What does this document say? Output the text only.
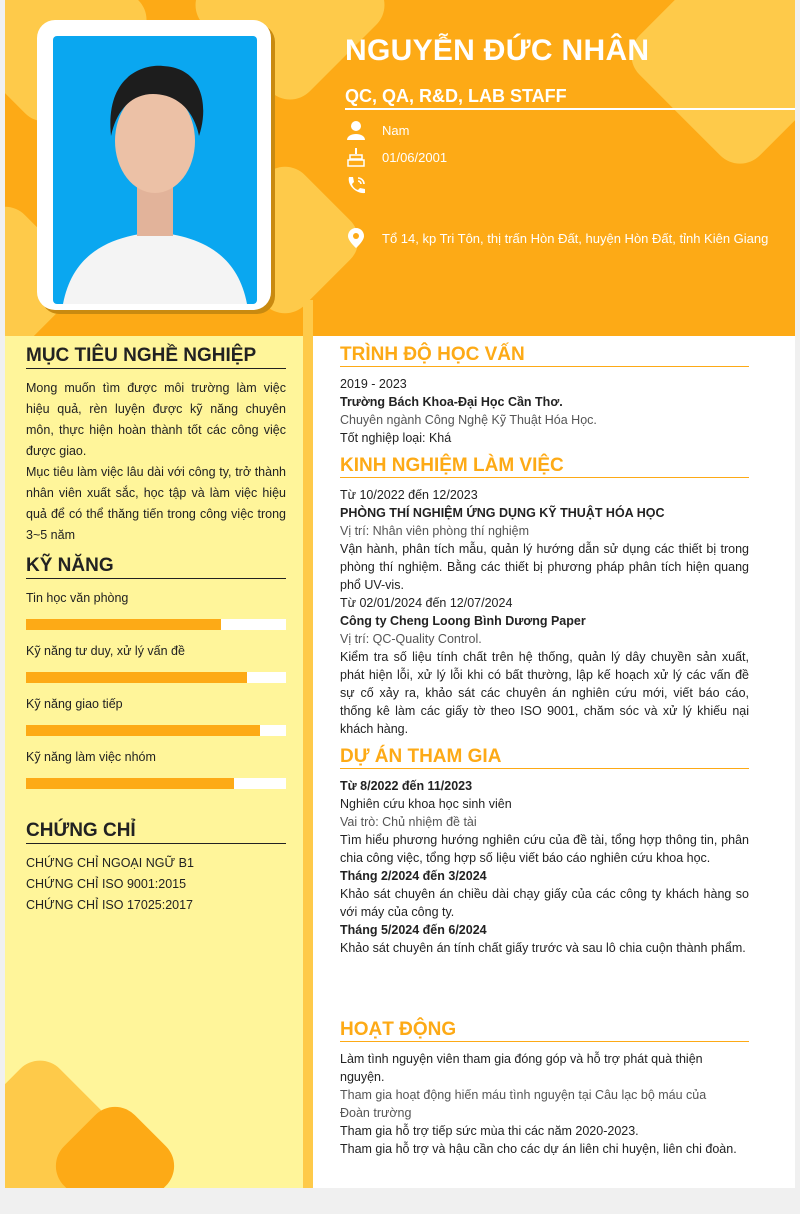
NGUYỄN ĐỨC NHÂN
QC, QA, R&D, LAB STAFF
Nam
01/06/2001
Tổ 14, kp Tri Tôn, thị trấn Hòn Đất, huyện Hòn Đất, tỉnh Kiên Giang
MỤC TIÊU NGHỀ NGHIỆP

Mong muốn tìm được môi trường làm việc hiệu quả, rèn luyện được kỹ năng chuyên môn, thực hiện hoàn thành tốt các công việc được giao.

Mục tiêu làm việc lâu dài với công ty, trở thành nhân viên xuất sắc, học tập và làm việc hiệu quả để có thể thăng tiến trong công việc trong 3~5 năm

KỸ NĂNG
Tin học văn phòng
Kỹ năng tư duy, xử lý vấn đề
Kỹ năng giao tiếp
Kỹ năng làm việc nhóm
CHỨNG CHỈ
CHỨNG CHỈ NGOẠI NGỮ B1
CHỨNG CHỈ ISO 9001:2015
CHỨNG CHỈ ISO 17025:2017
TRÌNH ĐỘ HỌC VẤN
2019 - 2023
Trường Bách Khoa-Đại Học Cần Thơ.
Chuyên ngành Công Nghệ Kỹ Thuật Hóa Học.
Tốt nghiệp loại: Khá
KINH NGHIỆM LÀM VIỆC
Từ 10/2022 đến 12/2023
PHÒNG THÍ NGHIỆM ỨNG DỤNG KỸ THUẬT HÓA HỌC
Vị trí: Nhân viên phòng thí nghiệm
Vận hành, phân tích mẫu, quản lý hướng dẫn sử dụng các thiết bị trong phòng thí nghiệm. Bằng các thiết bị phương pháp phân tích hiện quang phổ UV-vis.
Từ 02/01/2024 đến 12/07/2024
Công ty Cheng Loong Bình Dương Paper
Vị trí: QC-Quality Control.
Kiểm tra số liệu tính chất trên hệ thống, quản lý dây chuyền sản xuất, phát hiện lỗi, xử lý lỗi khi có bất thường, lập kế hoạch xử lý các vấn đề sự cố xảy ra, khảo sát các chuyên án nghiên cứu mới, viết báo cáo, thống kê làm các giấy tờ theo ISO 9001, chăm sóc và xử lý khiếu nại khách hàng.
DỰ ÁN THAM GIA
Từ 8/2022 đến 11/2023
Nghiên cứu khoa học sinh viên
Vai trò: Chủ nhiệm đề tài
Tìm hiểu phương hướng nghiên cứu của đề tài, tổng hợp thông tin, phân chia công việc, tổng hợp số liệu viết báo cáo nghiên cứu khoa học.
Tháng 2/2024 đến 3/2024
Khảo sát chuyên án chiều dài chạy giấy của các công ty khách hàng so với máy của công ty.
Tháng 5/2024 đến 6/2024
Khảo sát chuyên án tính chất giấy trước và sau lô chia cuộn thành phẩm.
HOẠT ĐỘNG
Làm tình nguyện viên tham gia đóng góp và hỗ trợ phát quà thiện nguyện.
Tham gia hoạt động hiến máu tình nguyện tại Câu lạc bộ máu của Đoàn trường
Tham gia hỗ trợ tiếp sức mùa thi các năm 2020-2023.
Tham gia hỗ trợ và hậu cần cho các dự án liên chi huyện, liên chi đoàn.
